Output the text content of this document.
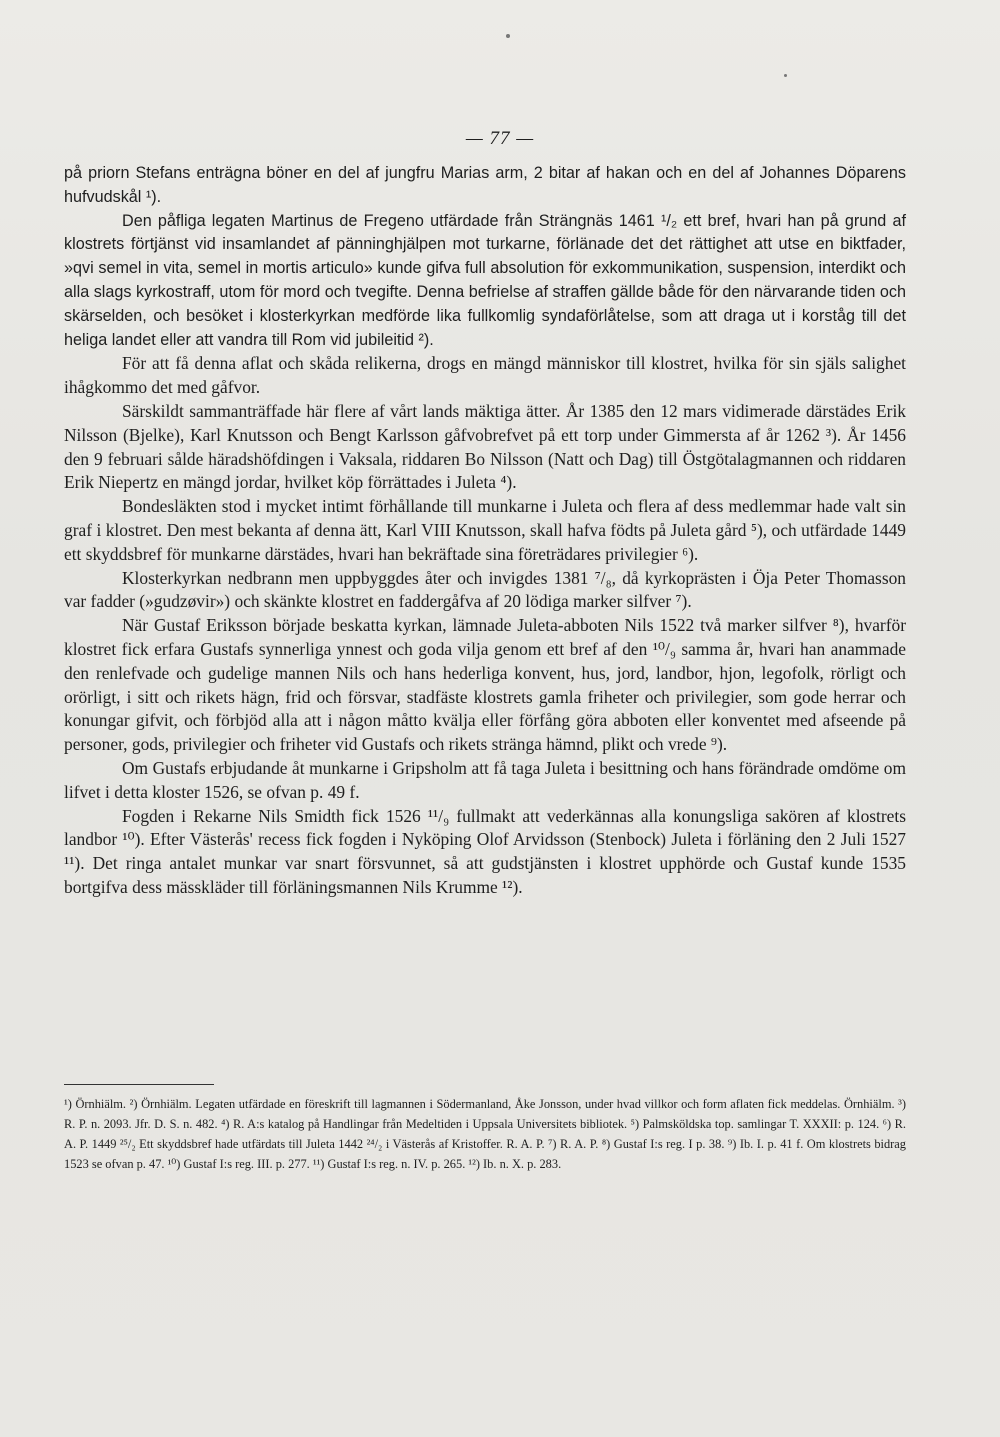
— 77 —

på priorn Stefans enträgna böner en del af jungfru Marias arm, 2 bitar af hakan och en del af Johannes Döparens hufvudskål ¹).

Den påfliga legaten Martinus de Fregeno utfärdade från Strängnäs 1461 ¹/₂ ett bref, hvari han på grund af klostrets förtjänst vid insamlandet af pänninghjälpen mot turkarne, förlänade det det rättighet att utse en biktfader, »qvi semel in vita, semel in mortis articulo» kunde gifva full absolution för exkommunikation, suspension, interdikt och alla slags kyrkostraff, utom för mord och tvegifte. Denna befrielse af straffen gällde både för den närvarande tiden och skärselden, och besöket i klosterkyrkan medförde lika fullkomlig syndaförlåtelse, som att draga ut i korståg till det heliga landet eller att vandra till Rom vid jubileitid ²).

För att få denna aflat och skåda relikerna, drogs en mängd människor till klostret, hvilka för sin själs salighet ihågkommo det med gåfvor.

Särskildt sammanträffade här flere af vårt lands mäktiga ätter. År 1385 den 12 mars vidimerade därstädes Erik Nilsson (Bjelke), Karl Knutsson och Bengt Karlsson gåfvobrefvet på ett torp under Gimmersta af år 1262 ³). År 1456 den 9 februari sålde häradshöfdingen i Vaksala, riddaren Bo Nilsson (Natt och Dag) till Östgötalagmannen och riddaren Erik Niepertz en mängd jordar, hvilket köp förrättades i Juleta ⁴).

Bondesläkten stod i mycket intimt förhållande till munkarne i Juleta och flera af dess medlemmar hade valt sin graf i klostret. Den mest bekanta af denna ätt, Karl VIII Knutsson, skall hafva födts på Juleta gård ⁵), och utfärdade 1449 ett skyddsbref för munkarne därstädes, hvari han bekräftade sina företrädares privilegier ⁶).

Klosterkyrkan nedbrann men uppbyggdes åter och invigdes 1381 ⁷/₈, då kyrkoprästen i Öja Peter Thomasson var fadder (»gudzøvir») och skänkte klostret en faddergåfva af 20 lödiga marker silfver ⁷).

När Gustaf Eriksson började beskatta kyrkan, lämnade Juleta-abboten Nils 1522 två marker silfver ⁸), hvarför klostret fick erfara Gustafs synnerliga ynnest och goda vilja genom ett bref af den ¹⁰/₉ samma år, hvari han anammade den renlefvade och gudelige mannen Nils och hans hederliga konvent, hus, jord, landbor, hjon, legofolk, rörligt och orörligt, i sitt och rikets hägn, frid och försvar, stadfäste klostrets gamla friheter och privilegier, som gode herrar och konungar gifvit, och förbjöd alla att i någon måtto kvälja eller förfång göra abboten eller konventet med afseende på personer, gods, privilegier och friheter vid Gustafs och rikets stränga hämnd, plikt och vrede ⁹).

Om Gustafs erbjudande åt munkarne i Gripsholm att få taga Juleta i besittning och hans förändrade omdöme om lifvet i detta kloster 1526, se ofvan p. 49 f.

Fogden i Rekarne Nils Smidth fick 1526 ¹¹/₉ fullmakt att vederkännas alla konungsliga sakören af klostrets landbor ¹⁰). Efter Västerås' recess fick fogden i Nyköping Olof Arvidsson (Stenbock) Juleta i förläning den 2 Juli 1527 ¹¹). Det ringa antalet munkar var snart försvunnet, så att gudstjänsten i klostret upphörde och Gustaf kunde 1535 bortgifva dess mässkläder till förläningsmannen Nils Krumme ¹²).

¹) Örnhiälm. ²) Örnhiälm. Legaten utfärdade en föreskrift till lagmannen i Södermanland, Åke Jonsson, under hvad villkor och form aflaten fick meddelas. Örnhiälm. ³) R. P. n. 2093. Jfr. D. S. n. 482. ⁴) R. A:s katalog på Handlingar från Medeltiden i Uppsala Universitets bibliotek. ⁵) Palmsköldska top. samlingar T. XXXII: p. 124. ⁶) R. A. P. 1449 ²⁵/₂ Ett skyddsbref hade utfärdats till Juleta 1442 ²⁴/₂ i Västerås af Kristoffer. R. A. P. ⁷) R. A. P. ⁸) Gustaf I:s reg. I p. 38. ⁹) Ib. I. p. 41 f. Om klostrets bidrag 1523 se ofvan p. 47. ¹⁰) Gustaf I:s reg. III. p. 277. ¹¹) Gustaf I:s reg. n. IV. p. 265. ¹²) Ib. n. X. p. 283.
